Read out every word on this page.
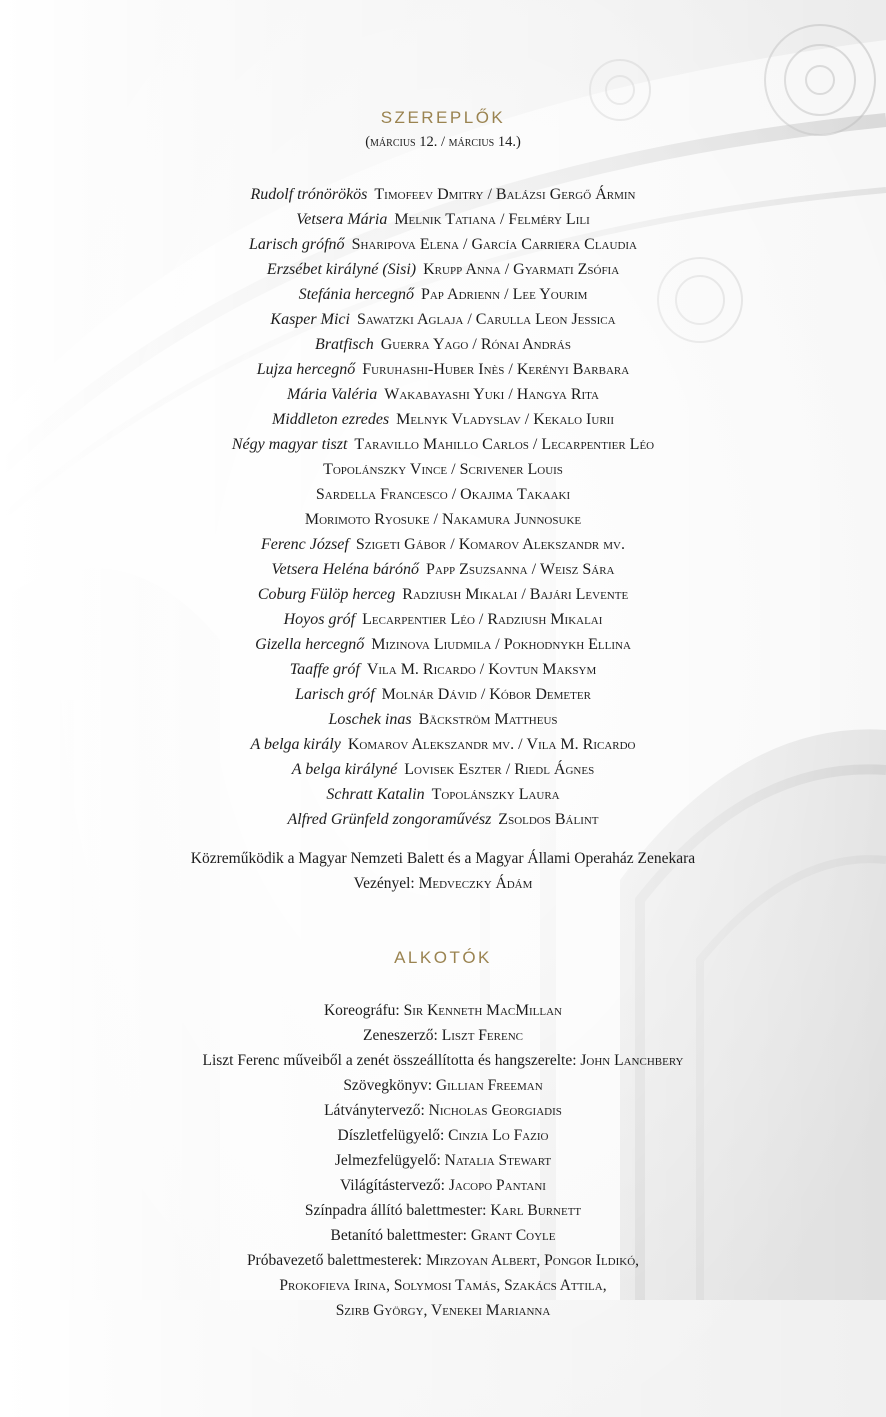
SZEREPLŐK
(március 12. / március 14.)
Rudolf trónörökös Timofeev Dmitry / Balázsi Gergő Ármin
Vetsera Mária Melnik Tatiana / Felméry Lili
Larisch grófnő Sharipova Elena / García Carriera Claudia
Erzsébet királyné (Sisi) Krupp Anna / Gyarmati Zsófia
Stefánia hercegnő Pap Adrienn / Lee Yourim
Kasper Mici Sawatzki Aglaja / Carulla Leon Jessica
Bratfisch Guerra Yago / Rónai András
Lujza hercegnő Furuhashi-Huber Inès / Kerényi Barbara
Mária Valéria Wakabayashi Yuki / Hangya Rita
Middleton ezredes Melnyk Vladyslav / Kekalo Iurii
Négy magyar tiszt Taravillo Mahillo Carlos / Lecarpentier Léo
Topolánszky Vince / Scrivener Louis
Sardella Francesco / Okajima Takaaki
Morimoto Ryosuke / Nakamura Junnosuke
Ferenc József Szigeti Gábor / Komarov Alekszandr mv.
Vetsera Heléna bárónő Papp Zsuzsanna / Weisz Sára
Coburg Fülöp herceg Radziush Mikalai / Bajári Levente
Hoyos gróf Lecarpentier Léo / Radziush Mikalai
Gizella hercegnő Mizinova Liudmila / Pokhodnykh Ellina
Taaffe gróf Vila M. Ricardo / Kovtun Maksym
Larisch gróf Molnár Dávid / Kóbor Demeter
Loschek inas Bäckström Mattheus
A belga király Komarov Alekszandr mv. / Vila M. Ricardo
A belga királyné Lovisek Eszter / Riedl Ágnes
Schratt Katalin Topolánszky Laura
Alfred Grünfeld zongoraművész Zsoldos Bálint
Közreműködik a Magyar Nemzeti Balett és a Magyar Állami Operaház Zenekara
Vezényel: Medveczky Ádám
ALKOTÓK
Koreográfu: Sir Kenneth MacMillan
Zeneszerző: Liszt Ferenc
Liszt Ferenc műveiből a zenét összeállította és hangszerelte: John Lanchbery
Szövegkönyv: Gillian Freeman
Látványtervező: Nicholas Georgiadis
Díszletfelügyelő: Cinzia Lo Fazio
Jelmezfelügyelő: Natalia Stewart
Világítástervező: Jacopo Pantani
Színpadra állító balettmester: Karl Burnett
Betanító balettmester: Grant Coyle
Próbavezető balettmesterek: Mirzoyan Albert, Pongor Ildikó,
Prokofieva Irina, Solymosi Tamás, Szakács Attila,
Szirb György, Venekei Marianna
